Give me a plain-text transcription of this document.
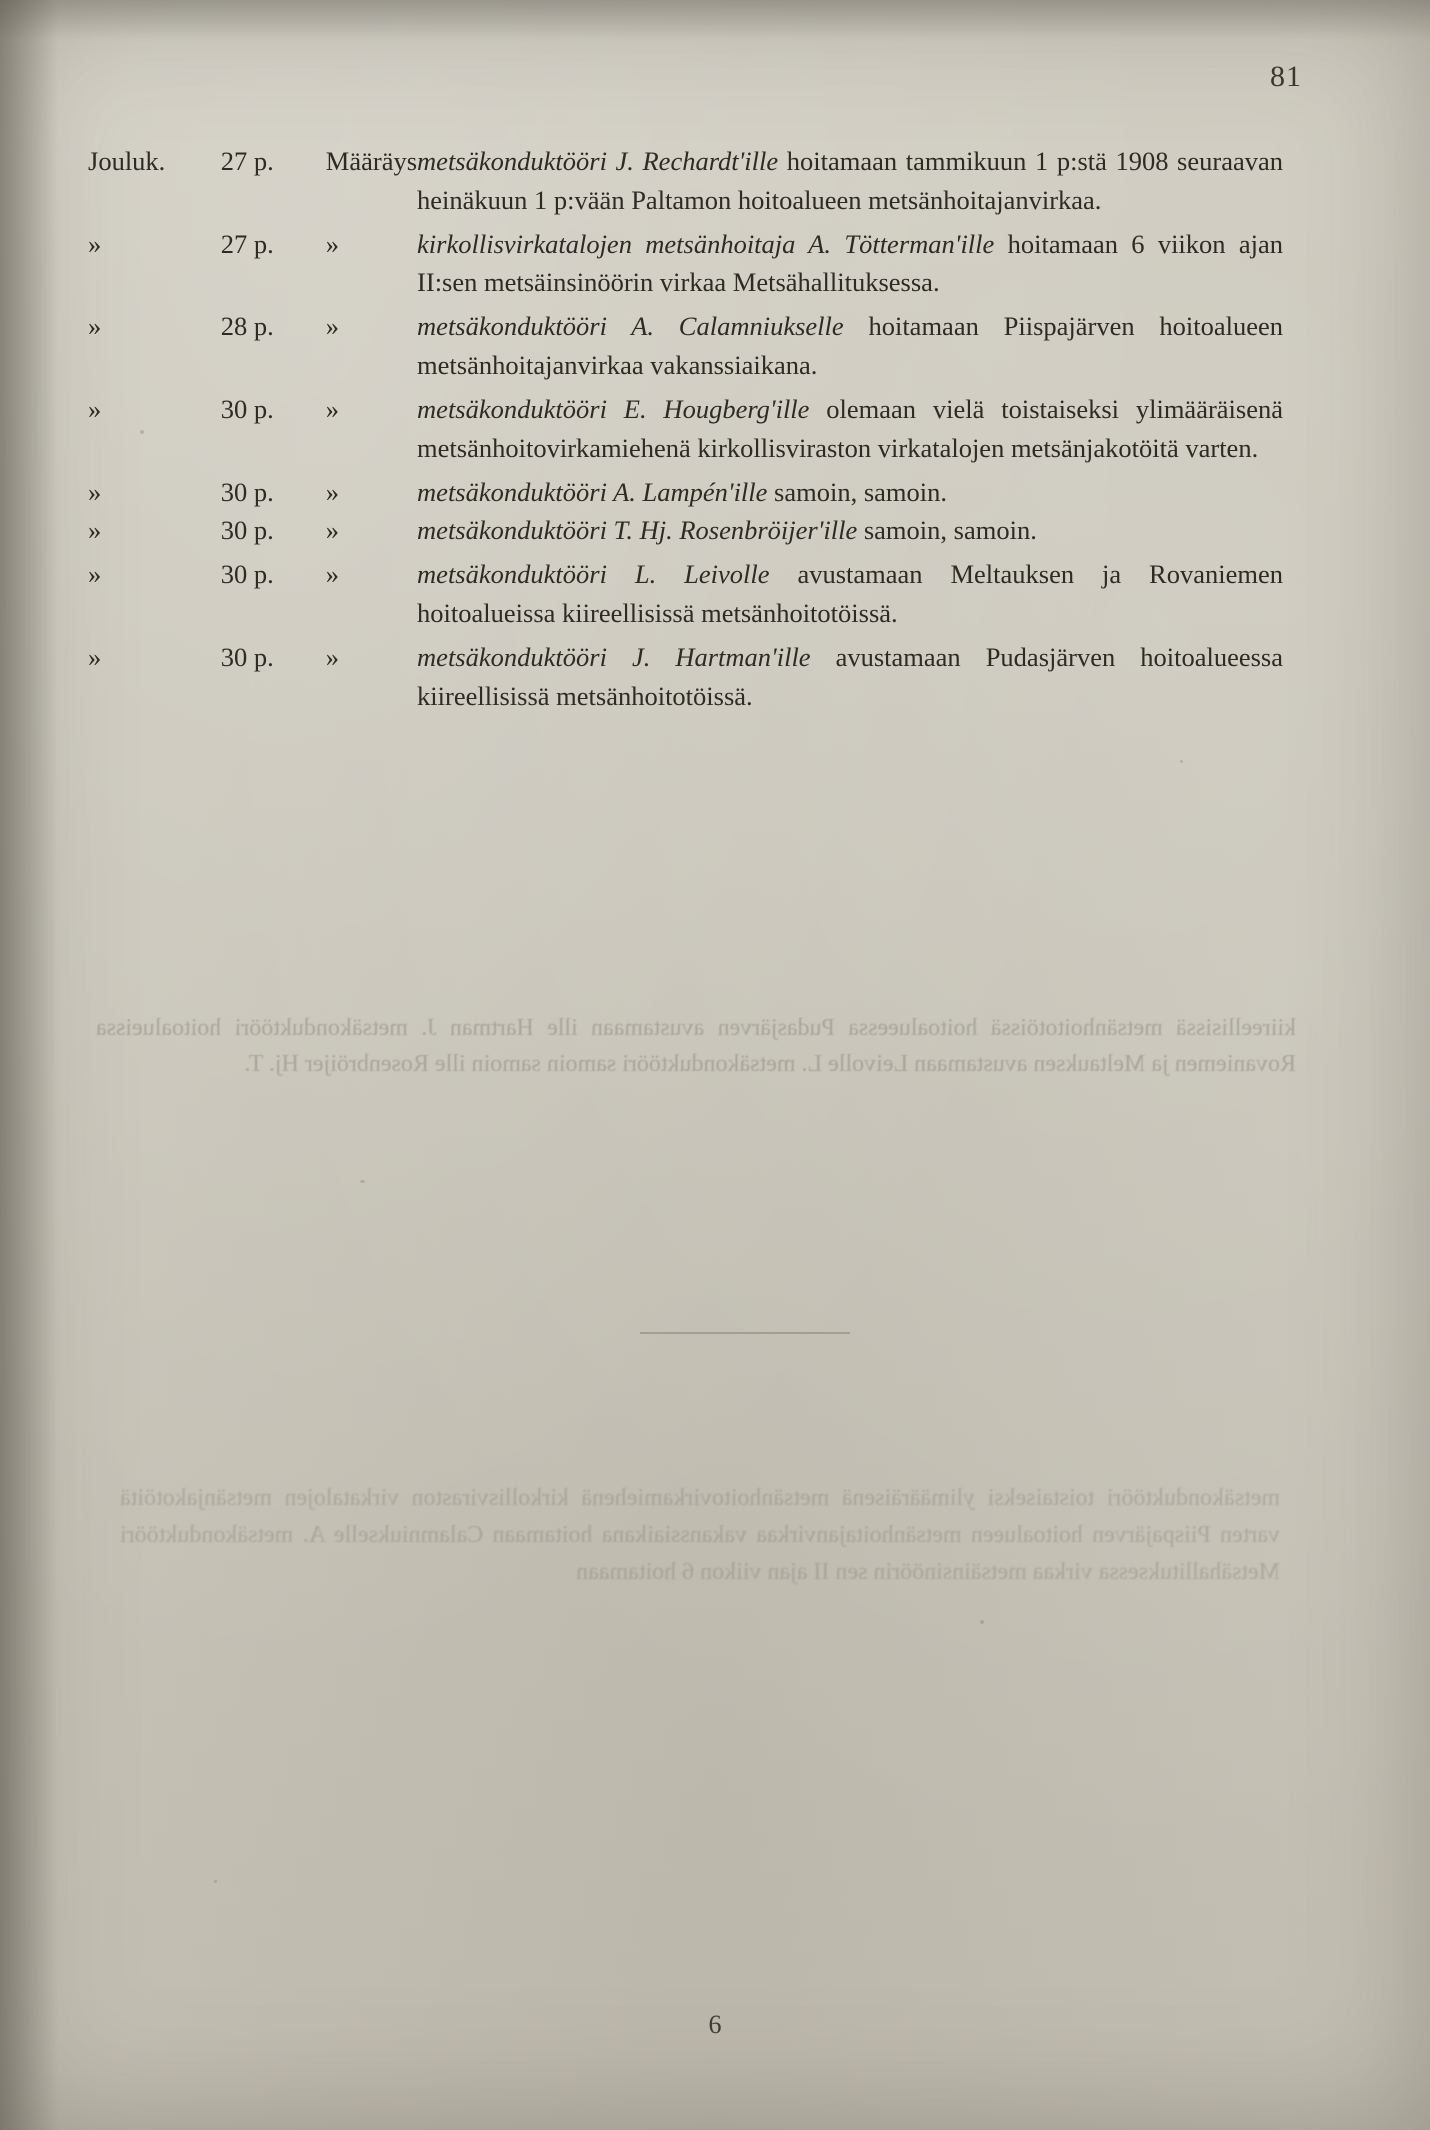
81
Jouluk.	27 p.	Määräys	metsäkonduktööri J. Rechardt'ille hoitamaan tammikuun 1 p:stä 1908 seuraavan heinäkuun 1 p:vään Paltamon hoitoalueen metsänhoitajanvirkaa.

»	27 p.	»	kirkollisvirkatalojen metsänhoitaja A. Tötterman'ille hoitamaan 6 viikon ajan II:sen metsäinsinöörin virkaa Metsähallituksessa.

»	28 p.	»	metsäkonduktööri A. Calamniukselle hoitamaan Piispajärven hoitoalueen metsänhoitajanvirkaa vakanssiaikana.

»	30 p.	»	metsäkonduktööri E. Hougberg'ille olemaan vielä toistaiseksi ylimääräisenä metsänhoitovirkamiehenä kirkollisviraston virkatalojen metsänjakotöitä varten.

»	30 p.	»	metsäkonduktööri A. Lampén'ille samoin, samoin.
»	30 p.	»	metsäkonduktööri T. Hj. Rosenbröijer'ille samoin, samoin.

»	30 p.	»	metsäkonduktööri L. Leivolle avustamaan Meltauksen ja Rovaniemen hoitoalueissa kiireellisissä metsänhoitotöissä.

»	30 p.	»	metsäkonduktööri J. Hartman'ille avustamaan Pudasjärven hoitoalueessa kiireellisissä metsänhoitotöissä.
kiireellisissä metsänhoitotöissä hoitoalueessa Pudasjärven avustamaan ille Hartman J. metsäkonduktööri hoitoalueissa Rovaniemen ja Meltauksen avustamaan Leivolle L. metsäkonduktööri samoin samoin ille Rosenbröijer Hj. T.
metsäkonduktööri toistaiseksi ylimääräisenä metsänhoitovirkamiehenä kirkollisviraston virkatalojen metsänjakotöitä varten Piispajärven hoitoalueen metsänhoitajanvirkaa vakanssiaikana hoitamaan Calamniukselle A. metsäkonduktööri Metsähallituksessa virkaa metsäinsinöörin sen II ajan viikon 6 hoitamaan
6
